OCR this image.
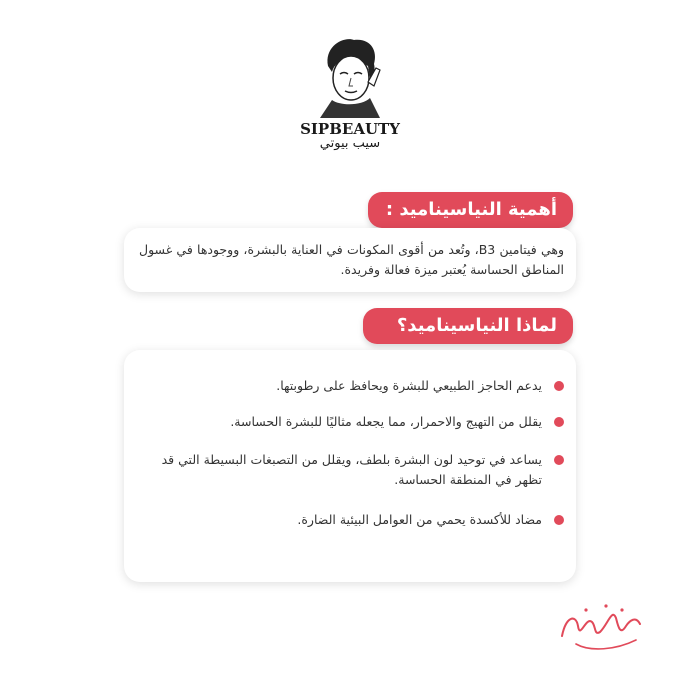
SIPBEAUTY
سيب بيوتي
أهمية النياسيناميد :
وهي فيتامين B3، وتُعد من أقوى المكونات في العناية بالبشرة، ووجودها في غسول المناطق الحساسة يُعتبر ميزة فعالة وفريدة.
لماذا النياسيناميد؟
يدعم الحاجز الطبيعي للبشرة ويحافظ على رطوبتها.
يقلل من التهيج والاحمرار، مما يجعله مثاليًا للبشرة الحساسة.
يساعد في توحيد لون البشرة بلطف، ويقلل من التصبغات البسيطة التي قد تظهر في المنطقة الحساسة.
مضاد للأكسدة يحمي من العوامل البيئية الضارة.
